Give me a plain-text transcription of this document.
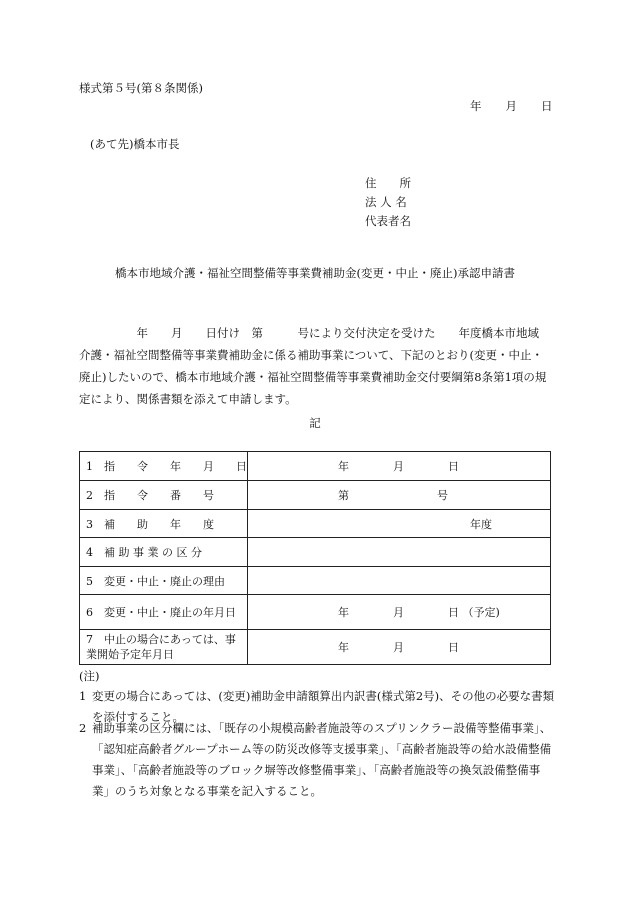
様式第５号(第８条関係)
年 月 日
(あて先)橋本市長
住　　所
法 人 名
代表者名
橋本市地域介護・福祉空間整備等事業費補助金(変更・中止・廃止)承認申請書

　　　　　年　　月　　日付け　第　　　号により交付決定を受けた　　年度橋本市地域

介護・福祉空間整備等事業費補助金に係る補助事業について、下記のとおり(変更・中止・

廃止)したいので、橋本市地域介護・福祉空間整備等事業費補助金交付要綱第8条第1項の規

定により、関係書類を添えて申請します。

記
1　指　　令　　年　　月　　日	年　　　　月　　　　日
2　指　　令　　番　　号	第　　　　　　　　号
3　補　　助　　年　　度	　　　　　　　　　　　　年度
4　補 助 事 業 の 区 分	
5　変更・中止・廃止の理由	
6　変更・中止・廃止の年月日	年　　　　月　　　　日 （予定)
7　中止の場合にあっては、事業開始予定年月日	年　　　　月　　　　日
(注)
1 変更の場合にあっては、(変更)補助金申請額算出内訳書(様式第2号)、その他の必要な書類を添付すること。
2 補助事業の区分欄には、「既存の小規模高齢者施設等のスプリンクラー設備等整備事業」、「認知症高齢者グループホーム等の防災改修等支援事業」、「高齢者施設等の給水設備整備事業」、「高齢者施設等のブロック塀等改修整備事業」、「高齢者施設等の換気設備整備事業」のうち対象となる事業を記入すること。
